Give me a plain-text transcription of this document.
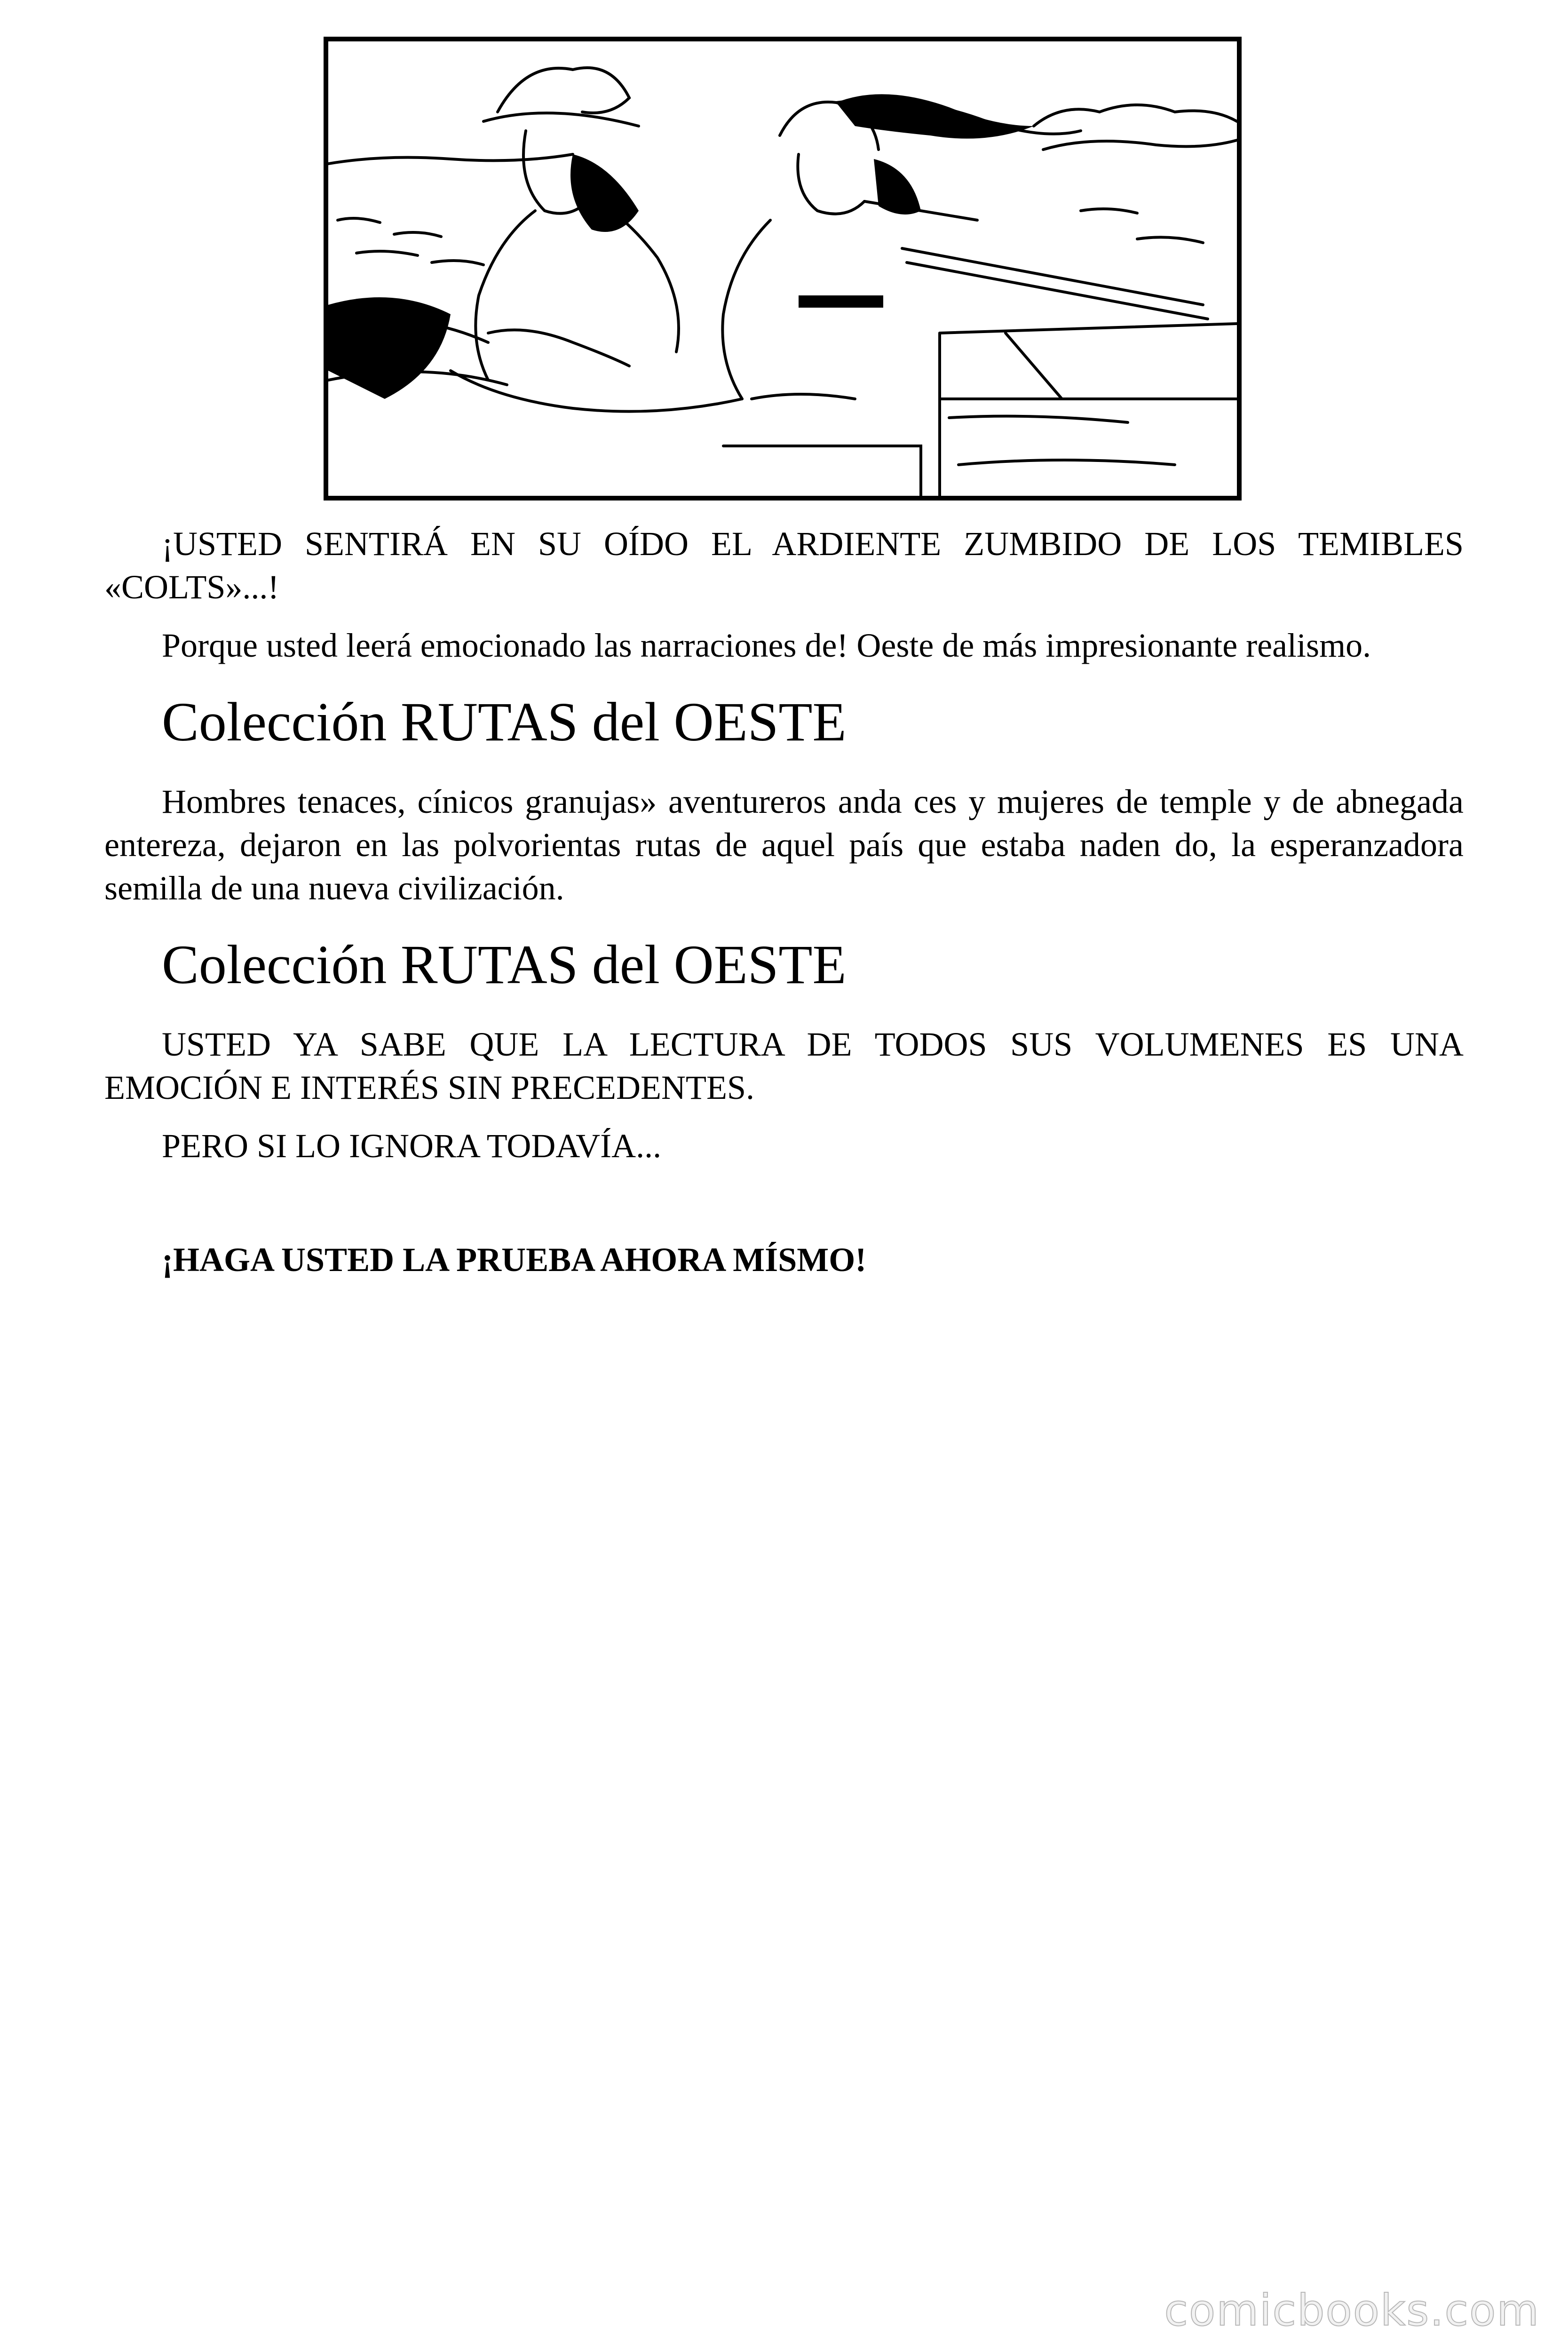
¡USTED SENTIRÁ EN SU OÍDO EL ARDIENTE ZUMBIDO DE LOS TEMIBLES «COLTS»...!

Porque usted leerá emocionado las narraciones de! Oeste de más impresionante realismo.

Colección RUTAS del OESTE

Hombres tenaces, cínicos granujas» aventureros anda ces y mujeres de temple y de abnegada entereza, dejaron en las polvorientas rutas de aquel país que estaba naden do, la esperanzadora semilla de una nueva civilización.

Colección RUTAS del OESTE

USTED YA SABE QUE LA LECTURA DE TODOS SUS VOLUMENES ES UNA EMOCIÓN E INTERÉS SIN PRECEDENTES.

PERO SI LO IGNORA TODAVÍA...

¡HAGA USTED LA PRUEBA AHORA MÍSMO!

comicbooks.com
